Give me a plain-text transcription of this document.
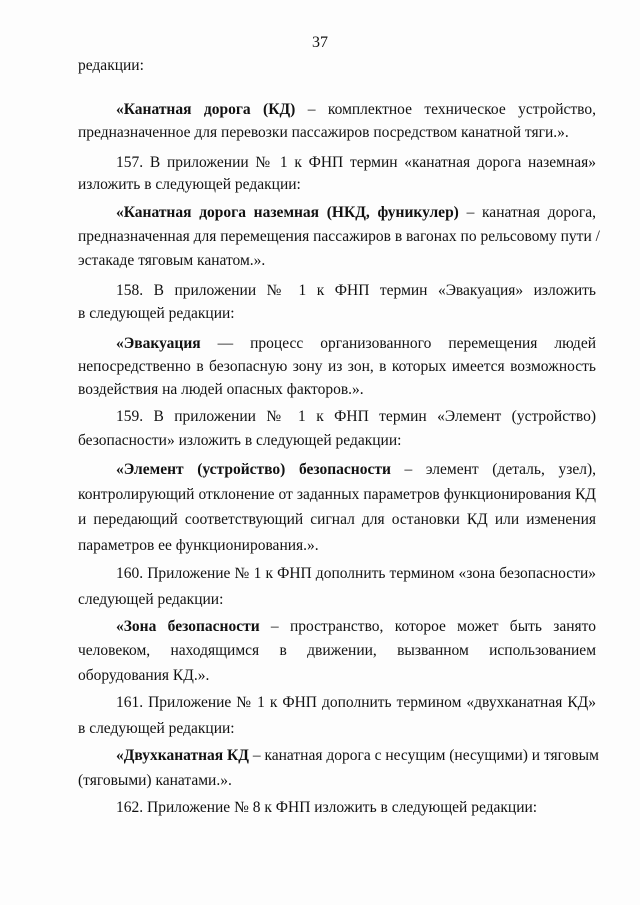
37
редакции:
«Канатная дорога (КД) – комплектное техническое устройство,
предназначенное для перевозки пассажиров посредством канатной тяги.».
157. В приложении № 1 к ФНП термин «канатная дорога наземная»
изложить в следующей редакции:
«Канатная дорога наземная (НКД, фуникулер) – канатная дорога,
предназначенная для перемещения пассажиров в вагонах по рельсовому пути /
эстакаде тяговым канатом.».
158. В приложении № 1 к ФНП термин «Эвакуация» изложить
в следующей редакции:
«Эвакуация — процесс организованного перемещения людей
непосредственно в безопасную зону из зон, в которых имеется возможность
воздействия на людей опасных факторов.».
159. В приложении № 1 к ФНП термин «Элемент (устройство)
безопасности» изложить в следующей редакции:
«Элемент (устройство) безопасности – элемент (деталь, узел),
контролирующий отклонение от заданных параметров функционирования КД
и передающий соответствующий сигнал для остановки КД или изменения
параметров ее функционирования.».
160. Приложение № 1 к ФНП дополнить термином «зона безопасности»
следующей редакции:
«Зона безопасности – пространство, которое может быть занято
человеком, находящимся в движении, вызванном использованием
оборудования КД.».
161. Приложение № 1 к ФНП дополнить термином «двухканатная КД»
в следующей редакции:
«Двухканатная КД – канатная дорога с несущим (несущими) и тяговым
(тяговыми) канатами.».
162. Приложение № 8 к ФНП изложить в следующей редакции:
